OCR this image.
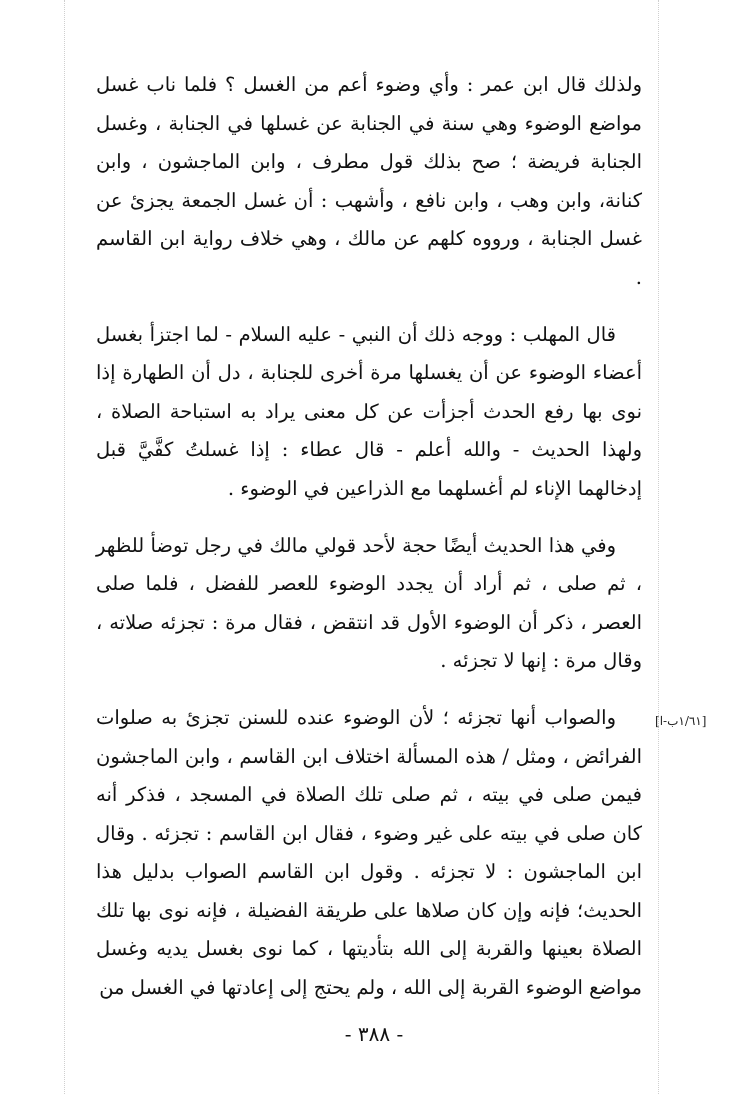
ولذلك قال ابن عمر : وأي وضوء أعم من الغسل ؟ فلما ناب غسل مواضع الوضوء وهي سنة في الجنابة عن غسلها في الجنابة ، وغسل الجنابة فريضة ؛ صح بذلك قول مطرف ، وابن الماجشون ، وابن كنانة، وابن وهب ، وابن نافع ، وأشهب : أن غسل الجمعة يجزئ عن غسل الجنابة ، ورووه كلهم عن مالك ، وهي خلاف رواية ابن القاسم .

قال المهلب : ووجه ذلك أن النبي - عليه السلام - لما اجتزأ بغسل أعضاء الوضوء عن أن يغسلها مرة أخرى للجنابة ، دل أن الطهارة إذا نوى بها رفع الحدث أجزأت عن كل معنى يراد به استباحة الصلاة ، ولهذا الحديث - والله أعلم - قال عطاء : إذا غسلتُ كفَّيَّ قبل إدخالهما الإناء لم أغسلهما مع الذراعين في الوضوء .

وفي هذا الحديث أيضًا حجة لأحد قولي مالك في رجل توضأ للظهر ، ثم صلى ، ثم أراد أن يجدد الوضوء للعصر للفضل ، فلما صلى العصر ، ذكر أن الوضوء الأول قد انتقض ، فقال مرة : تجزئه صلاته ، وقال مرة : إنها لا تجزئه .

والصواب أنها تجزئه ؛ لأن الوضوء عنده للسنن تجزئ به صلوات الفرائض ، ومثل / هذه المسألة اختلاف ابن القاسم ، وابن الماجشون فيمن صلى في بيته ، ثم صلى تلك الصلاة في المسجد ، فذكر أنه كان صلى في بيته على غير وضوء ، فقال ابن القاسم : تجزئه . وقال ابن الماجشون : لا تجزئه . وقول ابن القاسم الصواب بدليل هذا الحديث؛ فإنه وإن كان صلاها على طريقة الفضيلة ، فإنه نوى بها تلك الصلاة بعينها والقربة إلى الله بتأديتها ، كما نوى بغسل يديه وغسل مواضع الوضوء القربة إلى الله ، ولم يحتج إلى إعادتها في الغسل من

[١/٦١ب-ا]
- ٣٨٨ -
